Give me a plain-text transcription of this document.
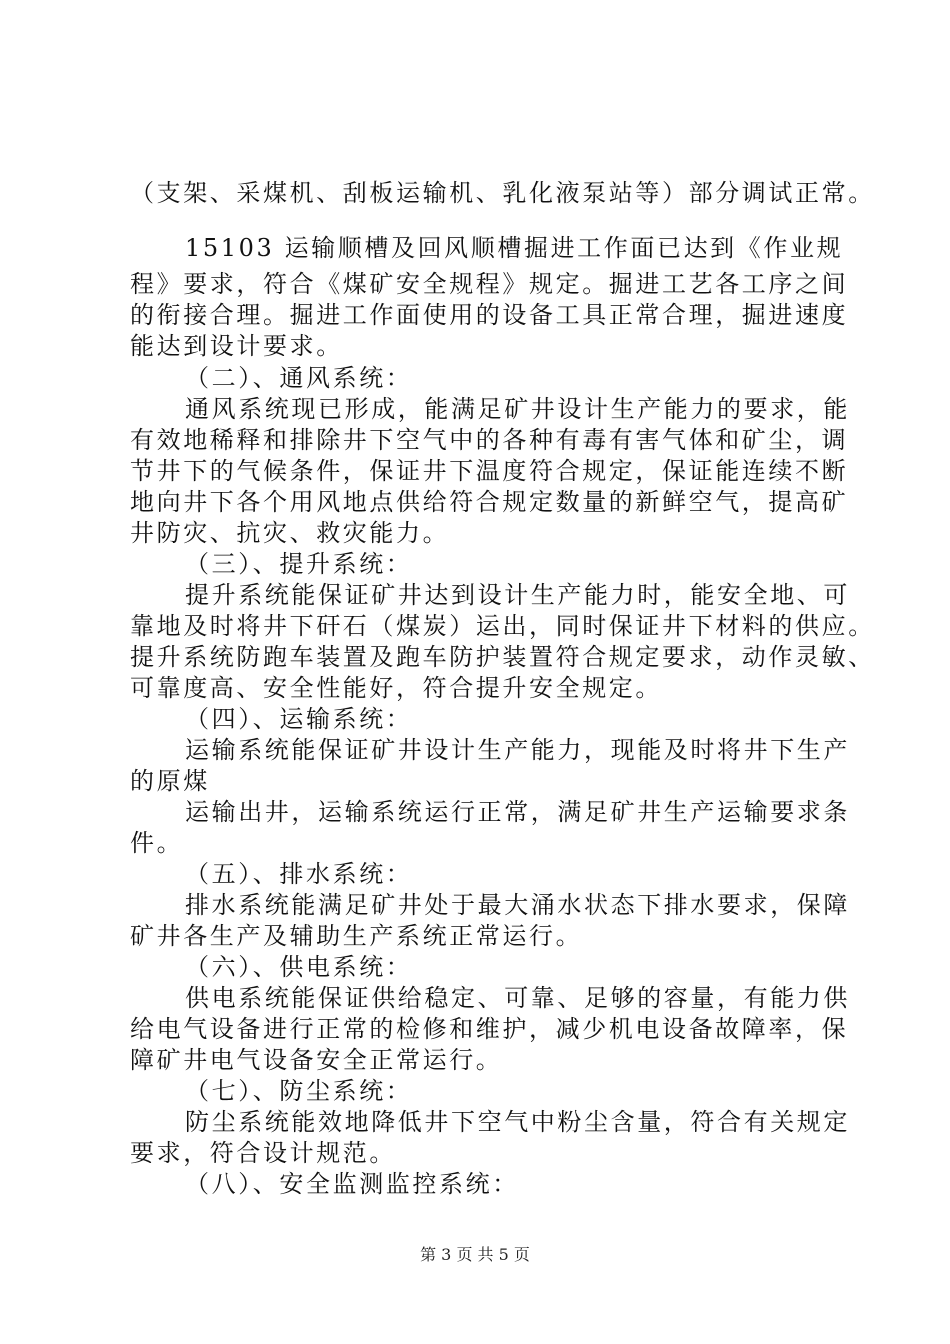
（支架、采煤机、刮板运输机、乳化液泵站等）部分调试正常。
15103 运输顺槽及回风顺槽掘进工作面已达到《作业规
程》要求，符合《煤矿安全规程》规定。掘进工艺各工序之间
的衔接合理。掘进工作面使用的设备工具正常合理，掘进速度
能达到设计要求。
（二）、通风系统：
通风系统现已形成，能满足矿井设计生产能力的要求，能
有效地稀释和排除井下空气中的各种有毒有害气体和矿尘，调
节井下的气候条件，保证井下温度符合规定，保证能连续不断
地向井下各个用风地点供给符合规定数量的新鲜空气，提高矿
井防灾、抗灾、救灾能力。
（三）、提升系统：
提升系统能保证矿井达到设计生产能力时，能安全地、可
靠地及时将井下矸石（煤炭）运出，同时保证井下材料的供应。
提升系统防跑车装置及跑车防护装置符合规定要求，动作灵敏、
可靠度高、安全性能好，符合提升安全规定。
（四）、运输系统：
运输系统能保证矿井设计生产能力，现能及时将井下生产
的原煤
运输出井，运输系统运行正常，满足矿井生产运输要求条
件。
（五）、排水系统：
排水系统能满足矿井处于最大涌水状态下排水要求，保障
矿井各生产及辅助生产系统正常运行。
（六）、供电系统：
供电系统能保证供给稳定、可靠、足够的容量，有能力供
给电气设备进行正常的检修和维护，减少机电设备故障率，保
障矿井电气设备安全正常运行。
（七）、防尘系统：
防尘系统能效地降低井下空气中粉尘含量，符合有关规定
要求，符合设计规范。
（八）、安全监测监控系统：
第 3 页 共 5 页
